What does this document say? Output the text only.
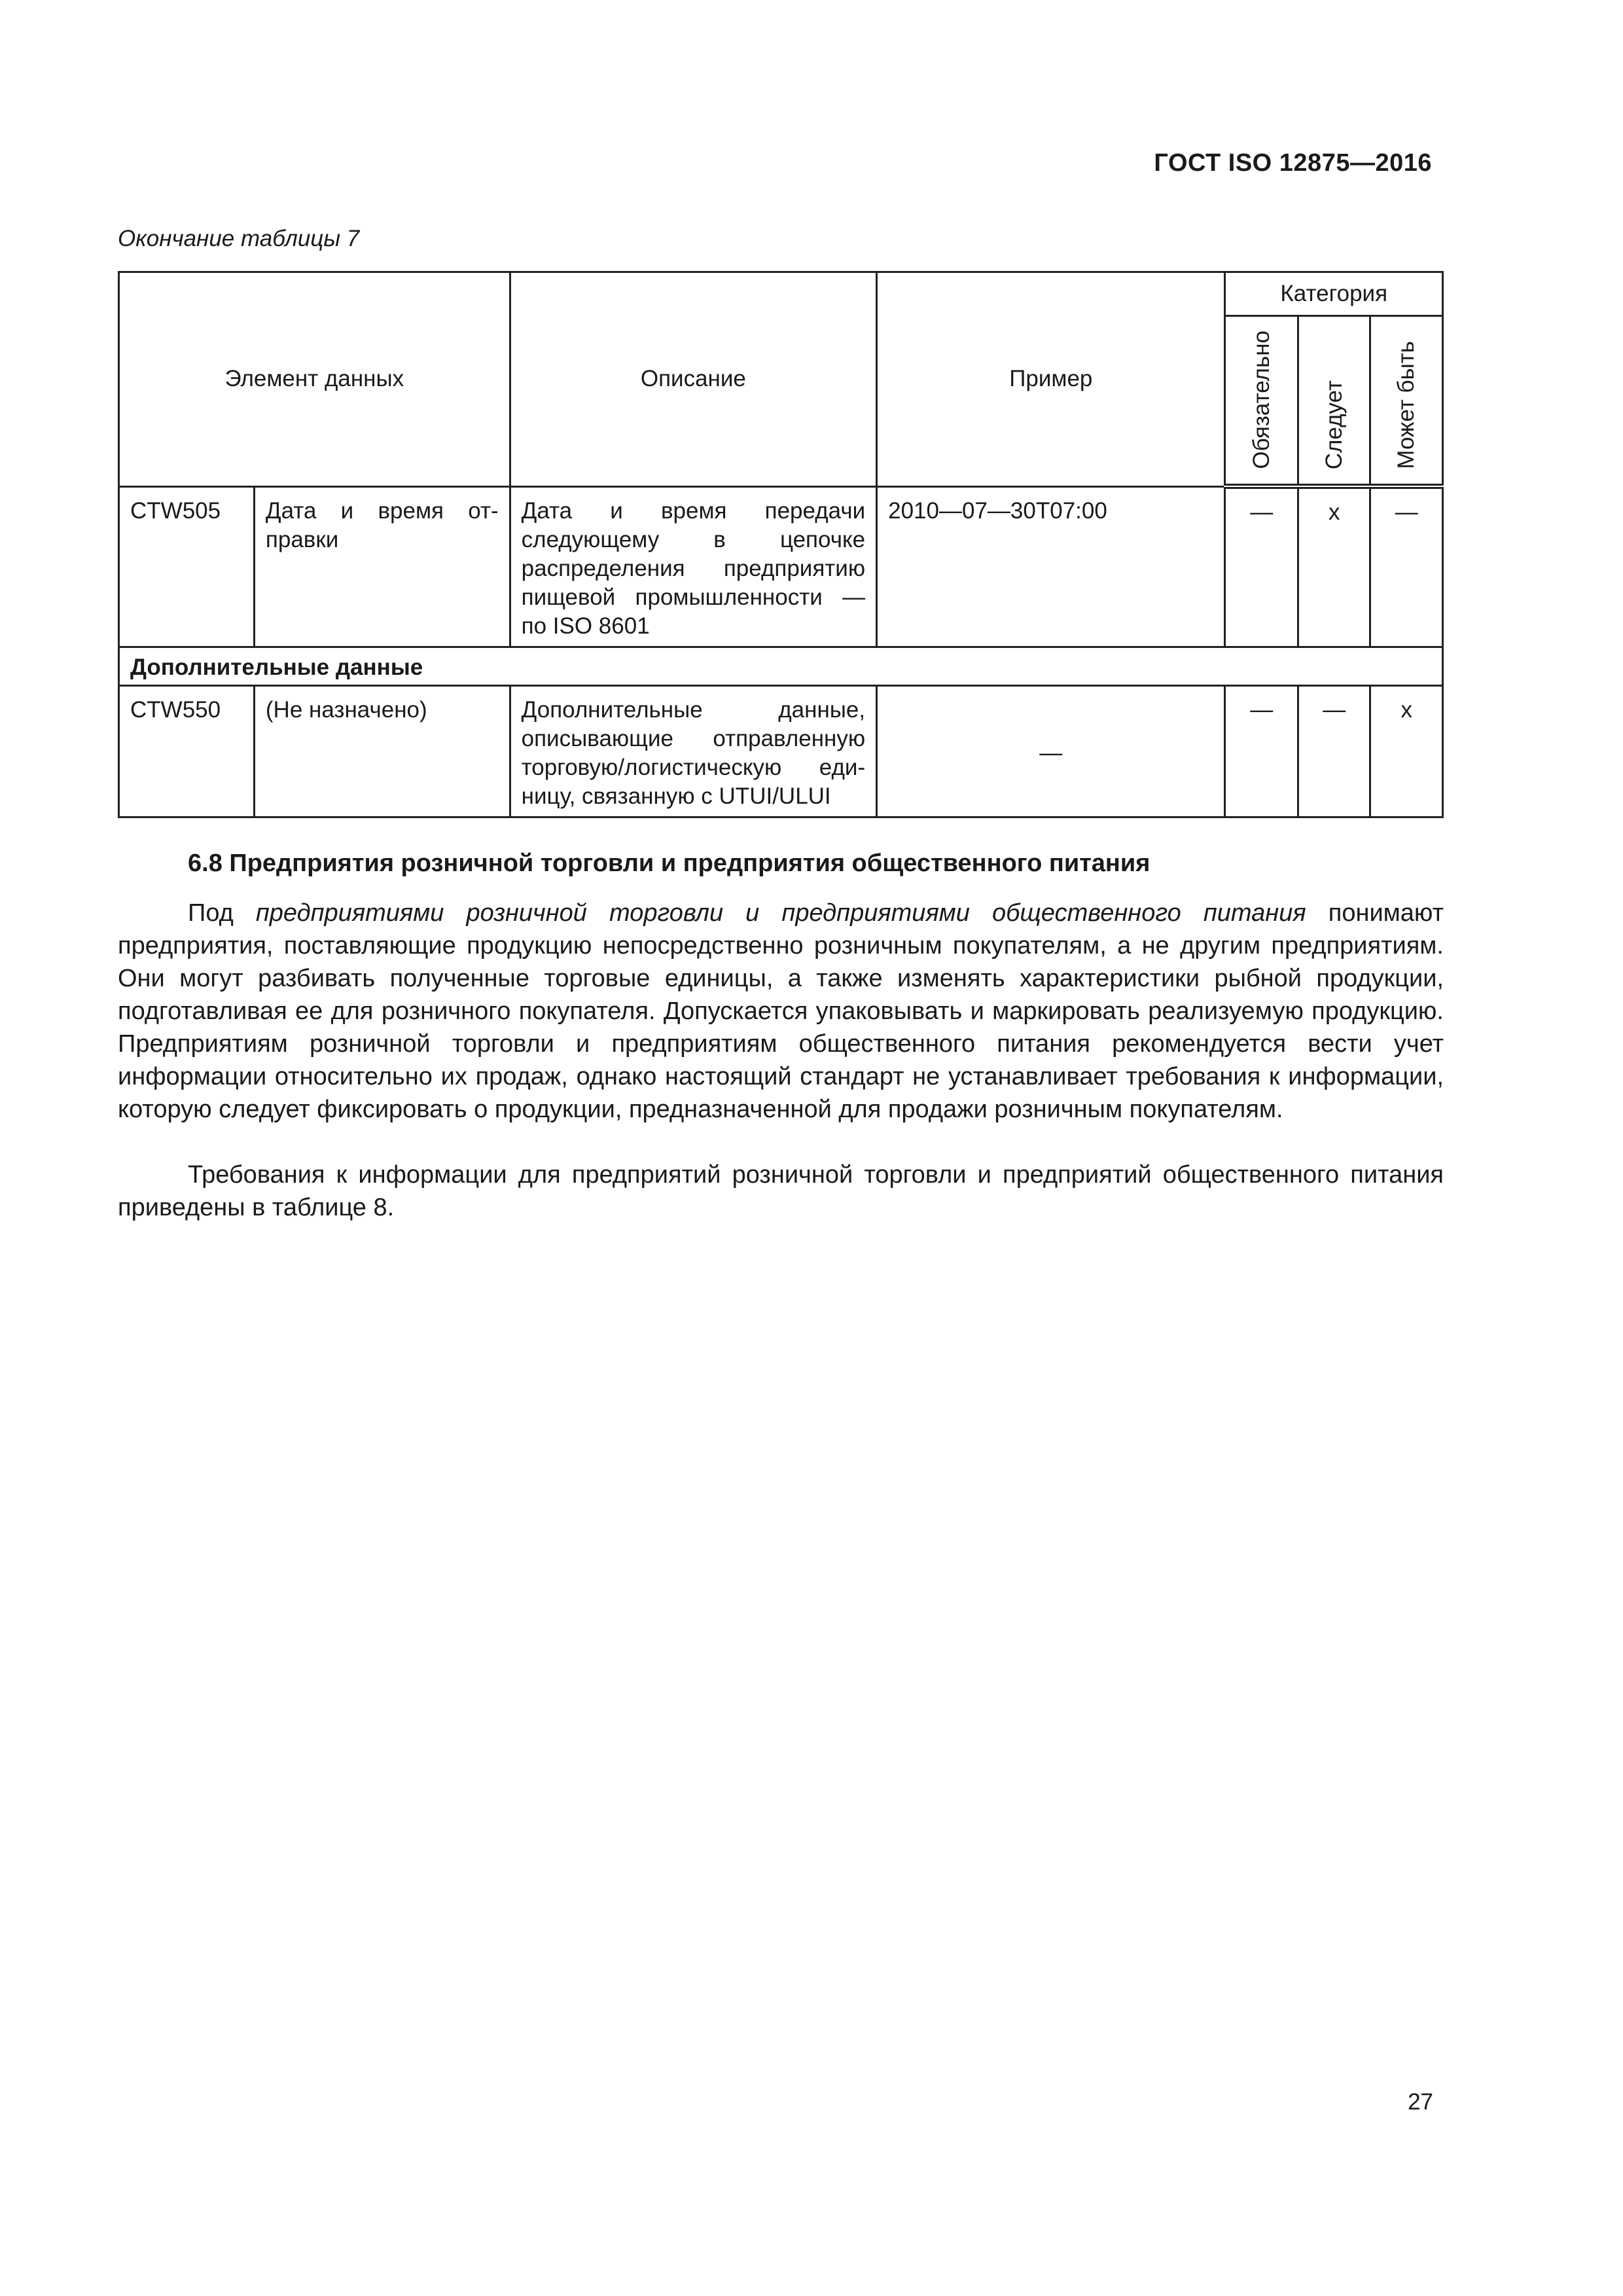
ГОСТ ISO 12875—2016
Окончание таблицы 7
Элемент данных		Описание	Пример	Категория		

				Обязательно	Следует	Может быть

CTW505	Дата и время от-правки	Дата и время передачи следующему в цепочке распределения предприятию пищевой промышленности — по ISO 8601	2010—07—30T07:00	—	x	—
Дополнительные данные						
CTW550	(Не назначено)	Дополнительные данные, описывающие отправленную торговую/логистическую еди-ницу, связанную с UTUI/ULUI	—	—	—	x
6.8 Предприятия розничной торговли и предприятия общественного питания

Под предприятиями розничной торговли и предприятиями общественного питания понимают предприятия, поставляющие продукцию непосредственно розничным покупателям, а не другим предприятиям. Они могут разбивать полученные торговые единицы, а также изменять характеристики рыбной продукции, подготавливая ее для розничного покупателя. Допускается упаковывать и маркировать реализуемую продукцию. Предприятиям розничной торговли и предприятиям общественного питания рекомендуется вести учет информации относительно их продаж, однако настоящий стандарт не устанавливает требования к информации, которую следует фиксировать о продукции, предназначенной для продажи розничным покупателям.

Требования к информации для предприятий розничной торговли и предприятий общественного питания приведены в таблице 8.

27
